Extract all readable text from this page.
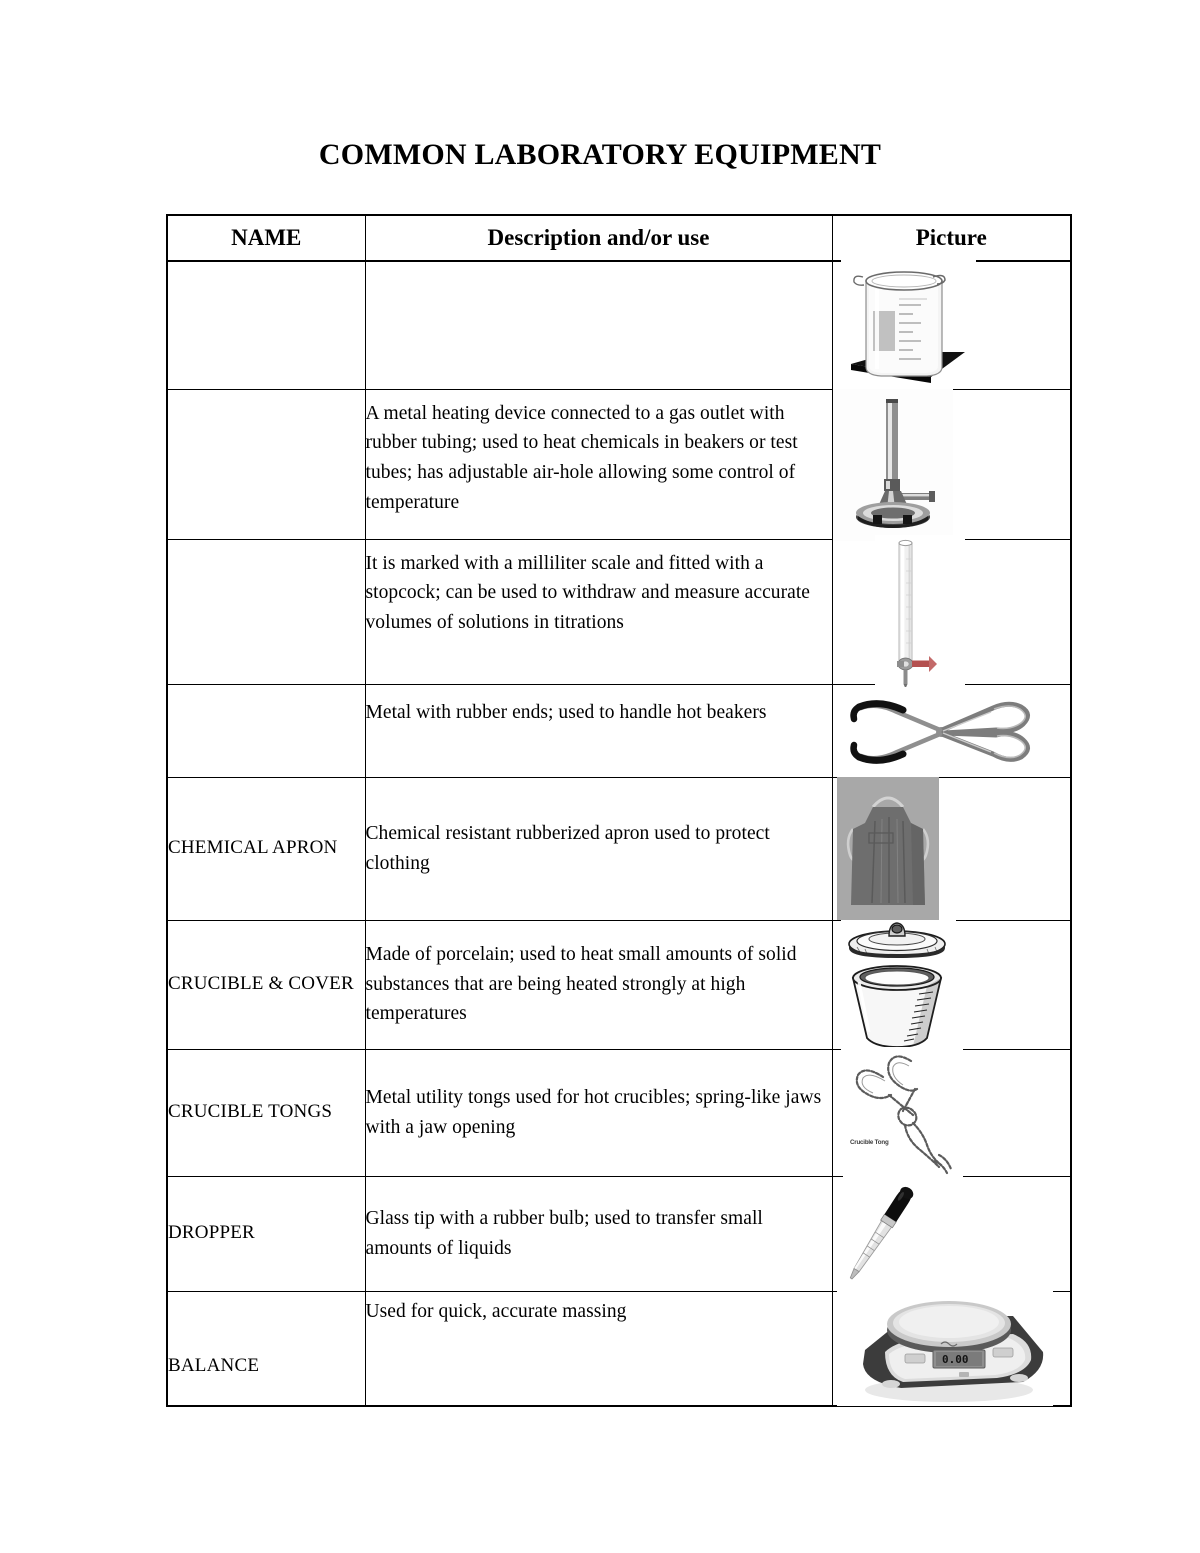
COMMON LABORATORY EQUIPMENT
NAME	Description and/or use	Picture

	A metal heating device connected to a gas outlet with rubber tubing; used to heat chemicals in beakers or test tubes; has adjustable air-hole allowing some control of temperature

	It is marked with a milliliter scale and fitted with a stopcock; can be used to withdraw and measure accurate volumes of solutions in titrations

	Metal with rubber ends; used to handle hot beakers

CHEMICAL APRON	Chemical resistant rubberized apron used to protect clothing

CRUCIBLE & COVER	Made of porcelain; used to heat small amounts of solid substances that are being heated strongly at high temperatures

CRUCIBLE TONGS	Metal utility tongs used for hot crucibles; spring-like jaws with a jaw opening	Crucible Tong

DROPPER	Glass tip with a rubber bulb; used to transfer small amounts of liquids

BALANCE	Used for quick, accurate massing	0.00
